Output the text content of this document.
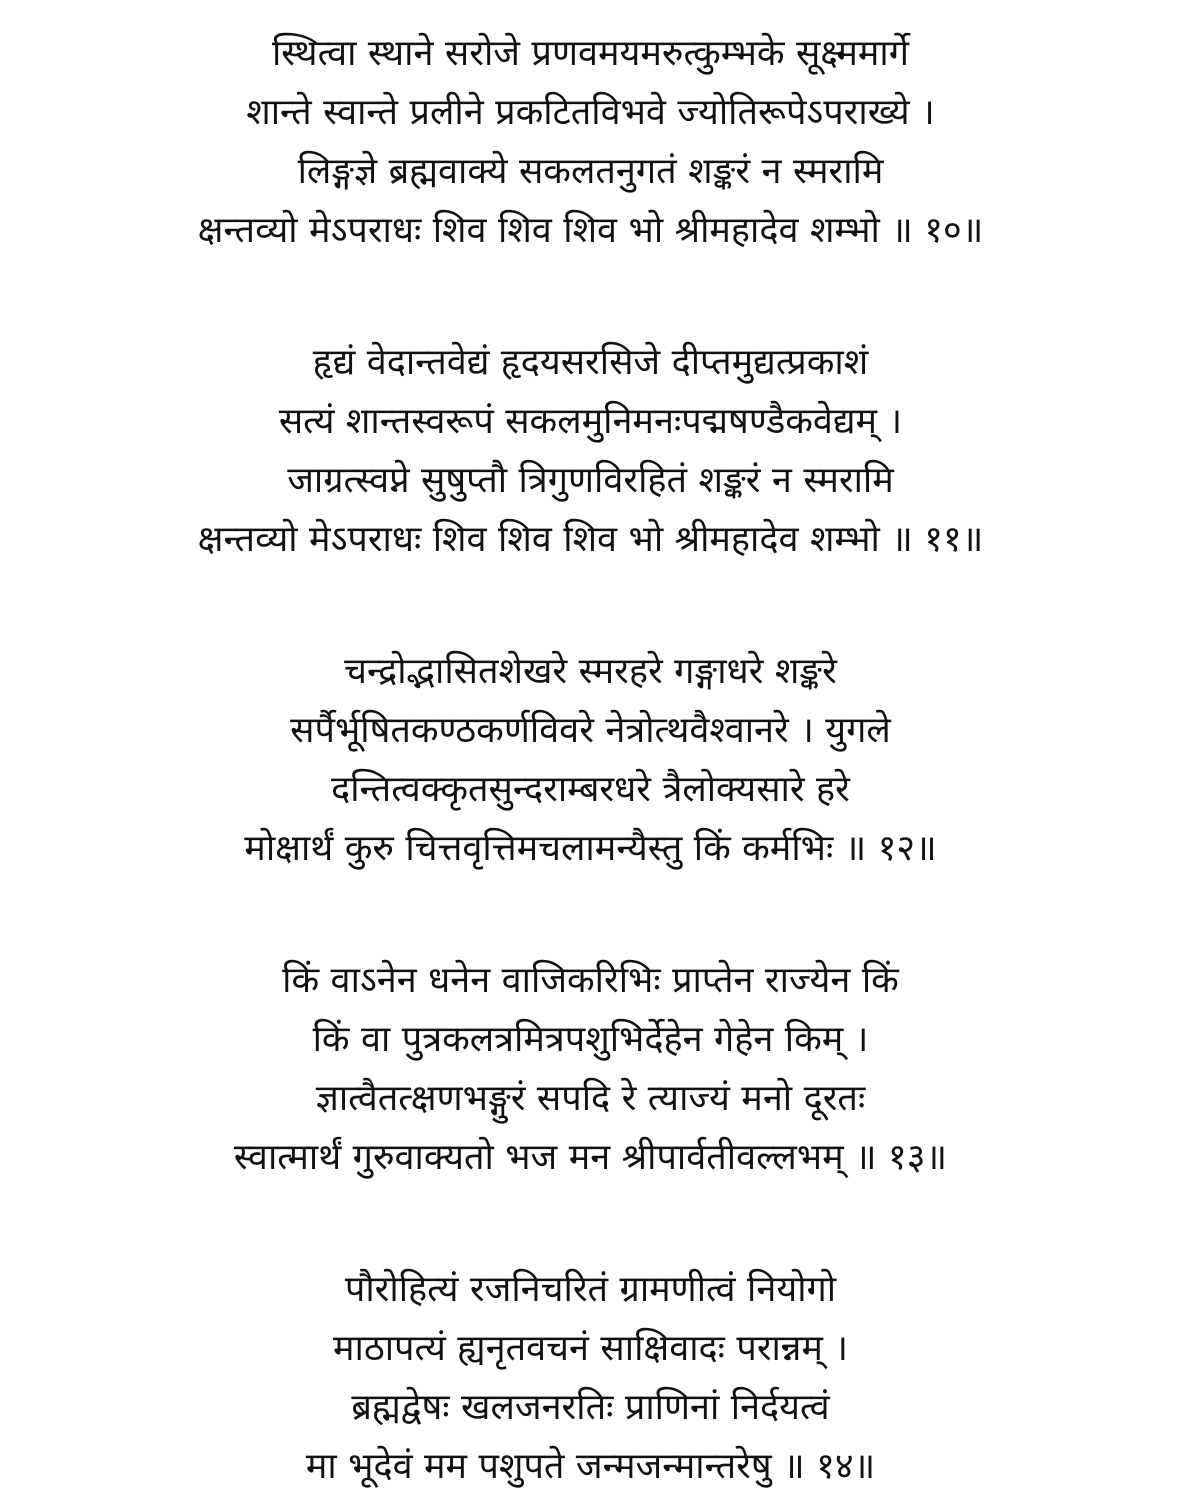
स्थित्वा स्थाने सरोजे प्रणवमयमरुत्कुम्भके सूक्ष्ममार्गे
शान्ते स्वान्ते प्रलीने प्रकटितविभवे ज्योतिरूपेऽपराख्ये ।
लिङ्गज्ञे ब्रह्मवाक्ये सकलतनुगतं शङ्करं न स्मरामि
क्षन्तव्यो मेऽपराधः शिव शिव शिव भो श्रीमहादेव शम्भो ॥ १०॥
हृद्यं वेदान्तवेद्यं हृदयसरसिजे दीप्तमुद्यत्प्रकाशं
सत्यं शान्तस्वरूपं सकलमुनिमनःपद्मषण्डैकवेद्यम् ।
जाग्रत्स्वप्ने सुषुप्तौ त्रिगुणविरहितं शङ्करं न स्मरामि
क्षन्तव्यो मेऽपराधः शिव शिव शिव भो श्रीमहादेव शम्भो ॥ ११॥
चन्द्रोद्भासितशेखरे स्मरहरे गङ्गाधरे शङ्करे
सर्पैर्भूषितकण्ठकर्णविवरे नेत्रोत्थवैश्वानरे । युगले
दन्तित्वक्कृतसुन्दराम्बरधरे त्रैलोक्यसारे हरे
मोक्षार्थं कुरु चित्तवृत्तिमचलामन्यैस्तु किं कर्मभिः ॥ १२॥
किं वाऽनेन धनेन वाजिकरिभिः प्राप्तेन राज्येन किं
किं वा पुत्रकलत्रमित्रपशुभिर्देहेन गेहेन किम् ।
ज्ञात्वैतत्क्षणभङ्गुरं सपदि रे त्याज्यं मनो दूरतः
स्वात्मार्थं गुरुवाक्यतो भज मन श्रीपार्वतीवल्लभम् ॥ १३॥
पौरोहित्यं रजनिचरितं ग्रामणीत्वं नियोगो
माठापत्यं ह्यनृतवचनं साक्षिवादः परान्नम् ।
ब्रह्मद्वेषः खलजनरतिः प्राणिनां निर्दयत्वं
मा भूदेवं मम पशुपते जन्मजन्मान्तरेषु ॥ १४॥
